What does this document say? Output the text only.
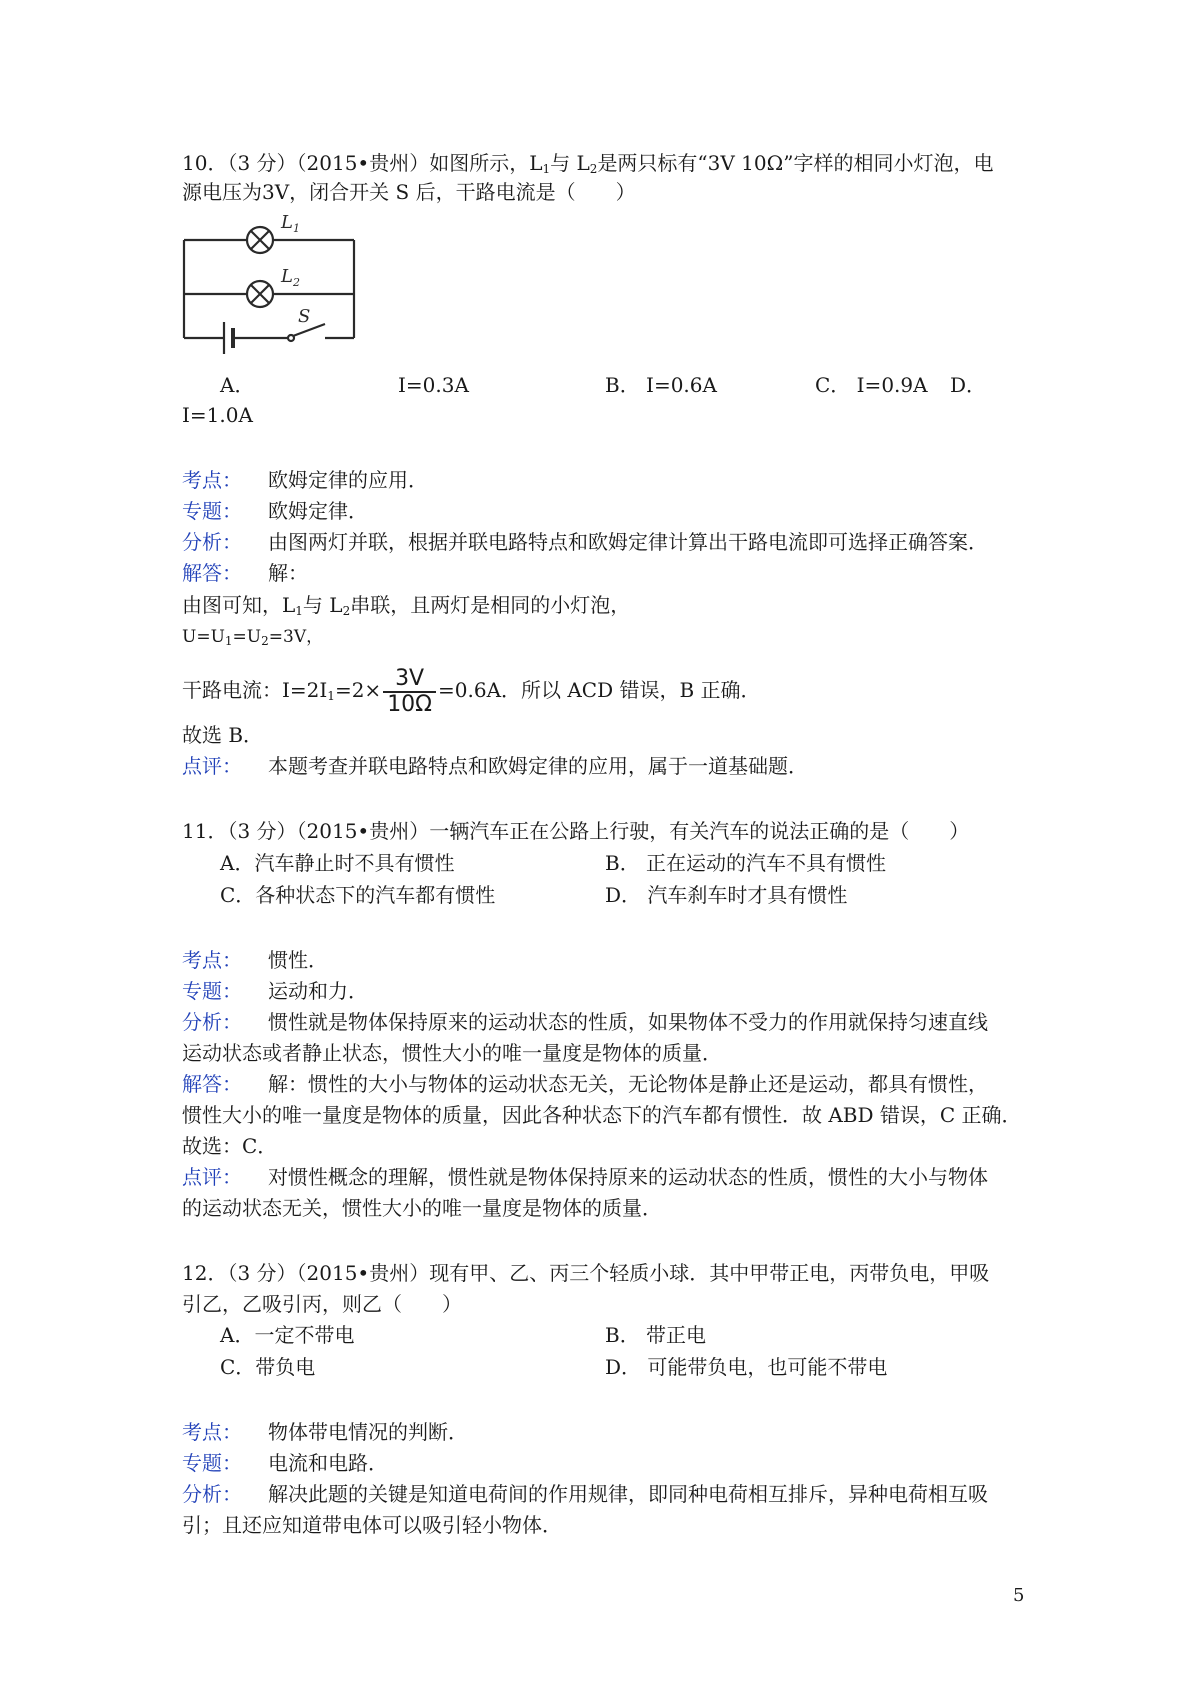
10．（3 分）（2015•贵州）如图所示，$L_1$与 $L_2$是两只标有“3V 10Ω”字样的相同小灯泡，电
源电压为3V，闭合开关 S 后，干路电流是（　　）
$L_1$
$L_2$
S
A．	I=0.3A	B． I=0.6A	C． I=0.9A D．
I=1.0A
考点： 欧姆定律的应用．
专题： 欧姆定律．
分析： 由图两灯并联，根据并联电路特点和欧姆定律计算出干路电流即可选择正确答案．
解答： 解：
由图可知，$L_1$与 $L_2$串联，且两灯是相同的小灯泡，
$U=U_1=U_2=3V$，
干路电流：$I=2I_1=2\times \frac{3V}{10\Omega} =0.6A$．所以 ACD 错误，B 正确．
故选 B．
点评： 本题考查并联电路特点和欧姆定律的应用，属于一道基础题．
11．（3 分）（2015•贵州）一辆汽车正在公路上行驶，有关汽车的说法正确的是（　　）
A．汽车静止时不具有惯性	B． 正在运动的汽车不具有惯性
C．各种状态下的汽车都有惯性	D． 汽车刹车时才具有惯性
考点： 惯性．
专题： 运动和力．
分析： 惯性就是物体保持原来的运动状态的性质，如果物体不受力的作用就保持匀速直线
运动状态或者静止状态，惯性大小的唯一量度是物体的质量．
解答： 解：惯性的大小与物体的运动状态无关，无论物体是静止还是运动，都具有惯性，
惯性大小的唯一量度是物体的质量，因此各种状态下的汽车都有惯性．故 ABD 错误，C 正确．
故选：C．
点评： 对惯性概念的理解，惯性就是物体保持原来的运动状态的性质，惯性的大小与物体
的运动状态无关，惯性大小的唯一量度是物体的质量．
12．（3 分）（2015•贵州）现有甲、乙、丙三个轻质小球．其中甲带正电，丙带负电，甲吸
引乙，乙吸引丙，则乙（　　）
A．一定不带电	B． 带正电
C．带负电	D． 可能带负电，也可能不带电
考点： 物体带电情况的判断．
专题： 电流和电路．
分析： 解决此题的关键是知道电荷间的作用规律，即同种电荷相互排斥，异种电荷相互吸
引；且还应知道带电体可以吸引轻小物体．
5
